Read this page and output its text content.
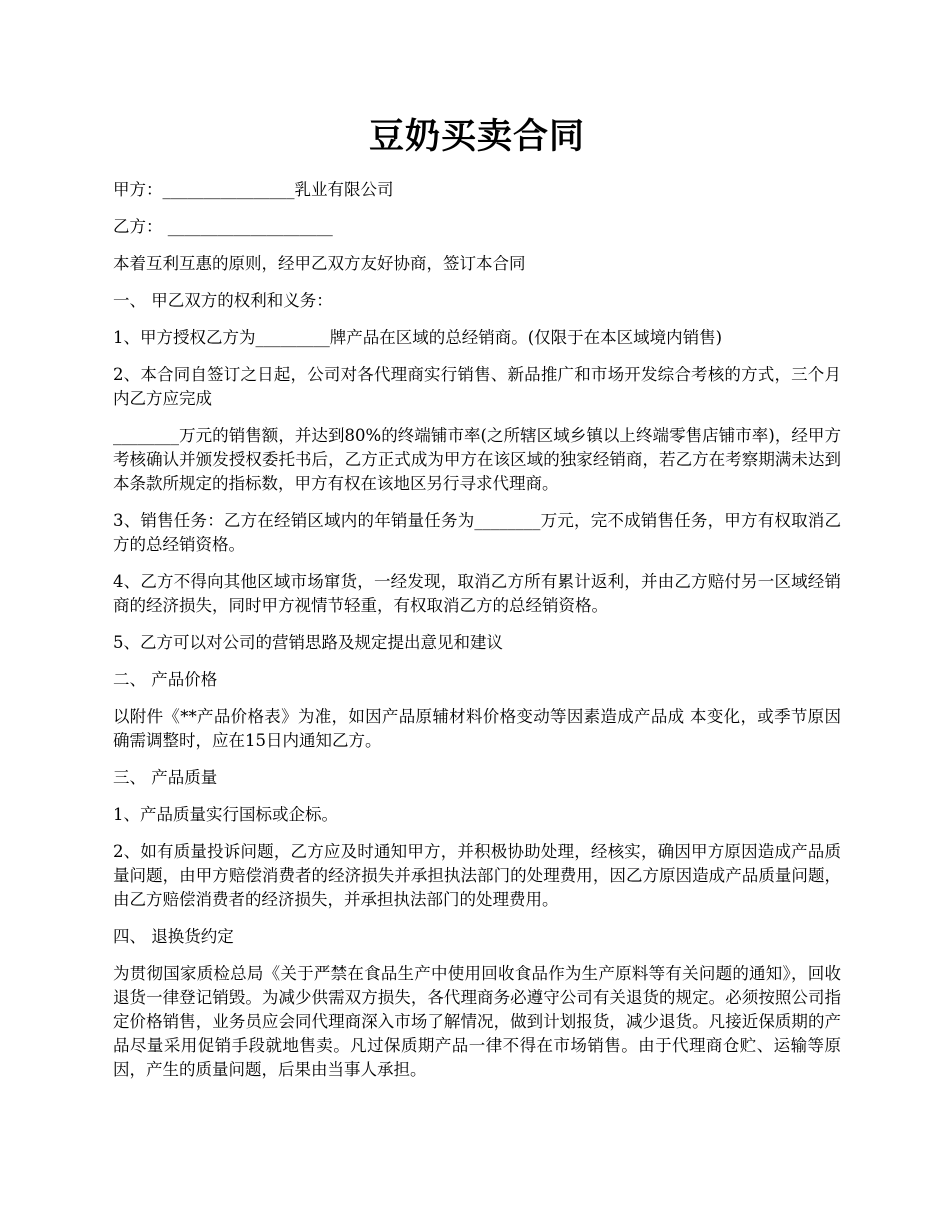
豆奶买卖合同

甲方：________________乳业有限公司

乙方： ____________________

本着互利互惠的原则，经甲乙双方友好协商，签订本合同

一、 甲乙双方的权利和义务：

1、甲方授权乙方为_________牌产品在区域的总经销商。(仅限于在本区域境内销售)

2、本合同自签订之日起，公司对各代理商实行销售、新品推广和市场开发综合考核的方式，三个月内乙方应完成

________万元的销售额，并达到80%的终端铺市率(之所辖区域乡镇以上终端零售店铺市率)，经甲方考核确认并颁发授权委托书后，乙方正式成为甲方在该区域的独家经销商，若乙方在考察期满未达到本条款所规定的指标数，甲方有权在该地区另行寻求代理商。

3、销售任务：乙方在经销区域内的年销量任务为________万元，完不成销售任务，甲方有权取消乙方的总经销资格。

4、乙方不得向其他区域市场窜货，一经发现，取消乙方所有累计返利，并由乙方赔付另一区域经销商的经济损失，同时甲方视情节轻重，有权取消乙方的总经销资格。

5、乙方可以对公司的营销思路及规定提出意见和建议

二、 产品价格

以附件《**产品价格表》为准，如因产品原辅材料价格变动等因素造成产品成 本变化，或季节原因确需调整时，应在15日内通知乙方。

三、 产品质量

1、产品质量实行国标或企标。

2、如有质量投诉问题，乙方应及时通知甲方，并积极协助处理，经核实，确因甲方原因造成产品质量问题，由甲方赔偿消费者的经济损失并承担执法部门的处理费用，因乙方原因造成产品质量问题，由乙方赔偿消费者的经济损失，并承担执法部门的处理费用。

四、 退换货约定

为贯彻国家质检总局《关于严禁在食品生产中使用回收食品作为生产原料等有关问题的通知》，回收退货一律登记销毁。为减少供需双方损失，各代理商务必遵守公司有关退货的规定。必须按照公司指定价格销售，业务员应会同代理商深入市场了解情况，做到计划报货，减少退货。凡接近保质期的产品尽量采用促销手段就地售卖。凡过保质期产品一律不得在市场销售。由于代理商仓贮、运输等原因，产生的质量问题，后果由当事人承担。
